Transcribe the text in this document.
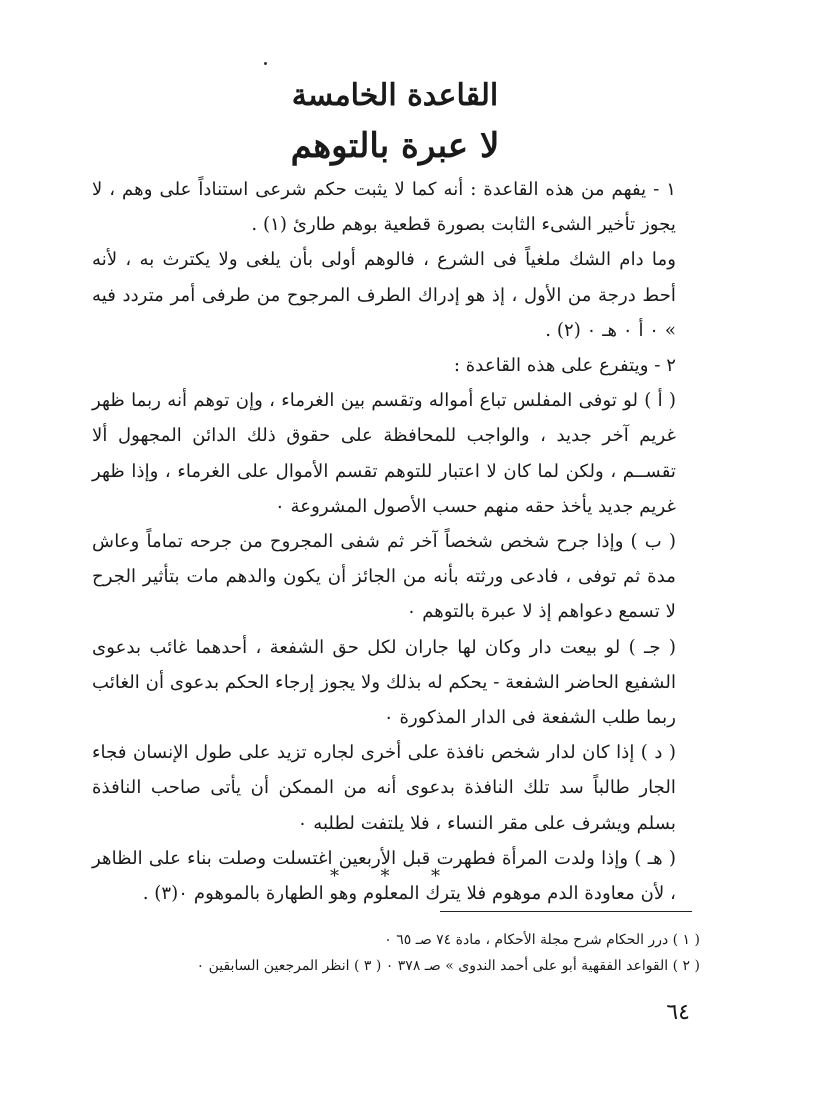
القاعدة الخامسة
لا عبرة بالتوهم

١ - يفهم من هذه القاعدة : أنه كما لا يثبت حكم شرعى استناداً على وهم ، لا يجوز تأخير الشىء الثابت بصورة قطعية بوهم طارئ (١) .

وما دام الشك ملغياً فى الشرع ، فالوهم أولى بأن يلغى ولا يكترث به ، لأنه أحط درجة من الأول ، إذ هو إدراك الطرف المرجوح من طرفى أمر متردد فيه » ٠ أ ٠ هـ ٠ (٢) .

٢ - ويتفرع على هذه القاعدة :

( أ ) لو توفى المفلس تباع أمواله وتقسم بين الغرماء ، وإن توهم أنه ربما ظهر غريم آخر جديد ، والواجب للمحافظة على حقوق ذلك الدائن المجهول ألا تقســم ، ولكن لما كان لا اعتبار للتوهم تقسم الأموال على الغرماء ، وإذا ظهر غريم جديد يأخذ حقه منهم حسب الأصول المشروعة ٠

( ب ) وإذا جرح شخص شخصاً آخر ثم شفى المجروح من جرحه تماماً وعاش مدة ثم توفى ، فادعى ورثته بأنه من الجائز أن يكون والدهم مات بتأثير الجرح لا تسمع دعواهم إذ لا عبرة بالتوهم ٠

( جـ ) لو بيعت دار وكان لها جاران لكل حق الشفعة ، أحدهما غائب بدعوى الشفيع الحاضر الشفعة - يحكم له بذلك ولا يجوز إرجاء الحكم بدعوى أن الغائب ربما طلب الشفعة فى الدار المذكورة ٠

( د ) إذا كان لدار شخص نافذة على أخرى لجاره تزيد على طول الإنسان فجاء الجار طالباً سد تلك النافذة بدعوى أنه من الممكن أن يأتى صاحب النافذة بسلم ويشرف على مقر النساء ، فلا يلتفت لطلبه ٠

( هـ ) وإذا ولدت المرأة فطهرت قبل الأربعين اغتسلت وصلت بناء على الظاهر ، لأن معاودة الدم موهوم فلا يترك المعلوم وهو الطهارة بالموهوم ٠(٣) .

* * *
( ١ ) درر الحكام شرح مجلة الأحكام ، مادة ٧٤ صـ ٦٥ ٠
( ٢ ) القواعد الفقهية أبو على أحمد الندوى » صـ ٣٧٨ ٠ ( ٣ ) انظر المرجعين السابقين ٠
٦٤
